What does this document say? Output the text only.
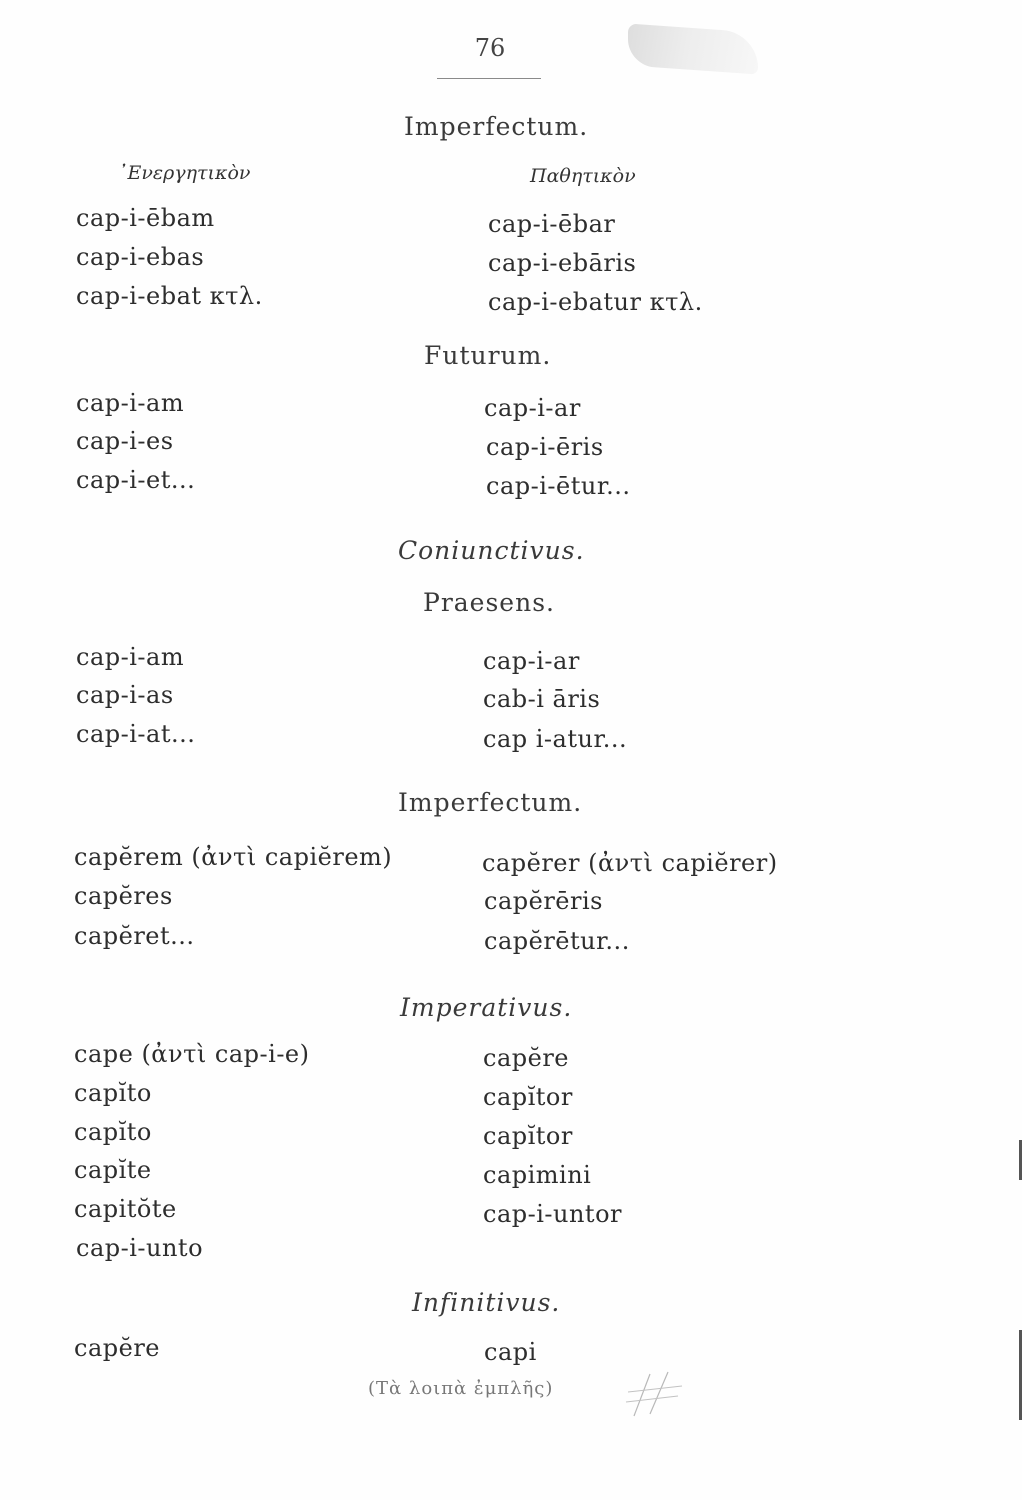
76
Imperfectum.
᾿Ενεργητικὸν	Παθητικὸν
cap-i-ēbam
cap-i-ebas
cap-i-ebat κτλ.
cap-i-ēbar
cap-i-ebāris
cap-i-ebatur κτλ.
Futurum.
cap-i-am
cap-i-es
cap-i-et...
cap-i-ar
cap-i-ēris
cap-i-ētur...
Coniunctivus.
Praesens.
cap-i-am
cap-i-as
cap-i-at...
cap-i-ar
cab-i āris
cap i-atur...
Imperfectum.
capĕrem (ἀντὶ capiĕrem)
capĕres
capĕret...
capĕrer (ἀντὶ capiĕrer)
capĕrēris
capĕrētur...
Imperativus.
cape (ἀντὶ cap-i-e)
capĭto
capĭto
capĭte
capitŏte
cap-i-unto
capĕre
capĭtor
capĭtor
capimini
cap-i-untor
Infinitivus.
capĕre	capi
(Τὰ λοιπὰ ἐμπλῆς)
